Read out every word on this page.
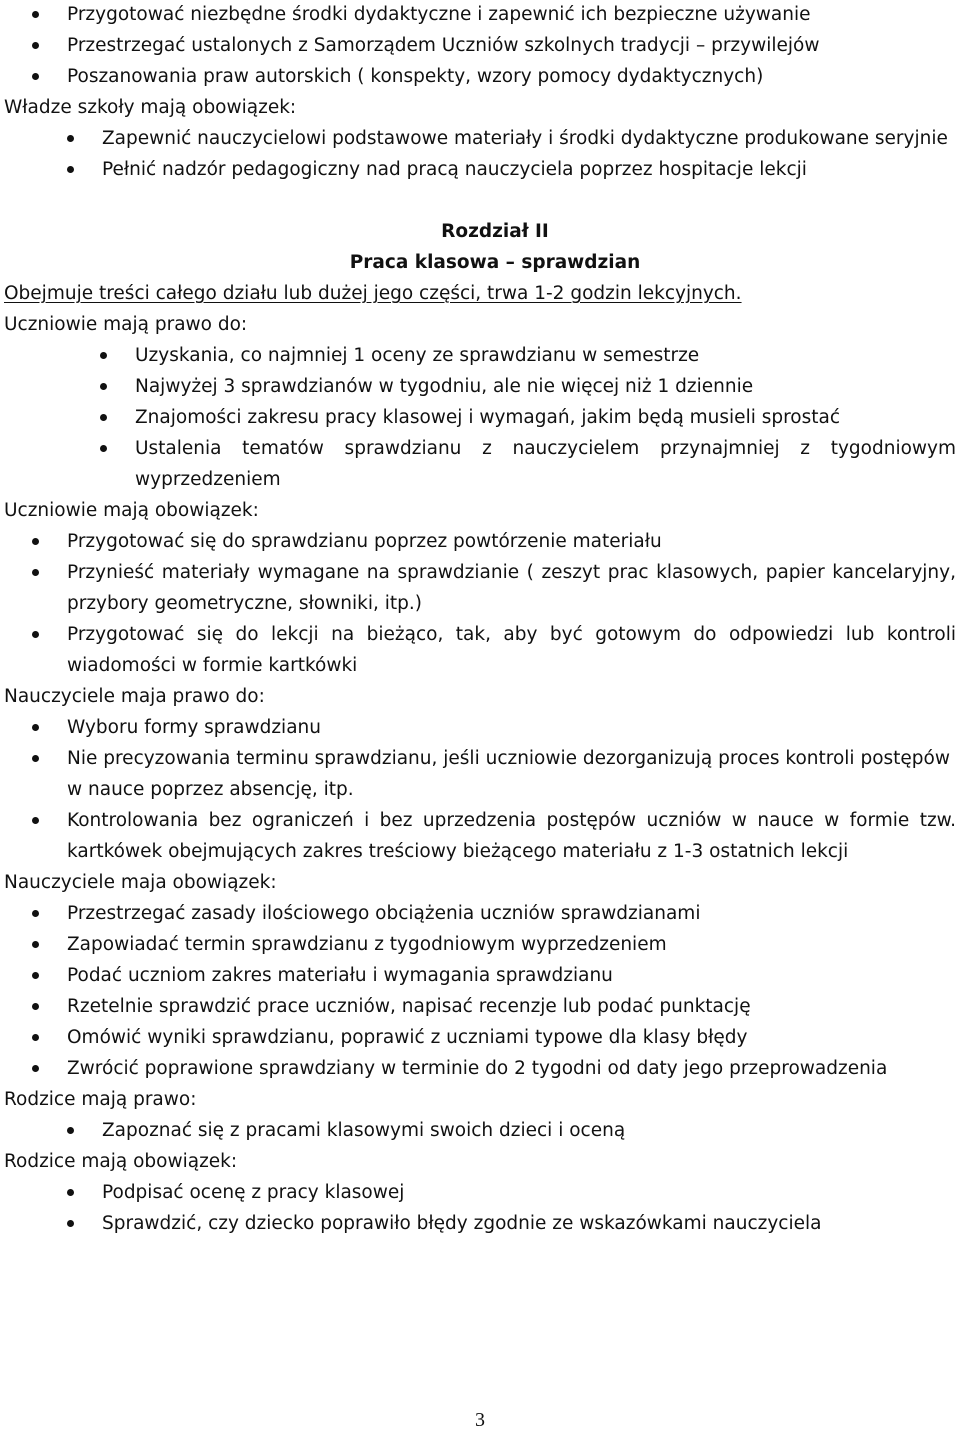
Przygotować niezbędne środki dydaktyczne i zapewnić ich bezpieczne używanie
Przestrzegać ustalonych z Samorządem Uczniów szkolnych tradycji – przywilejów
Poszanowania praw autorskich ( konspekty, wzory pomocy dydaktycznych)

Władze szkoły mają obowiązek:

Zapewnić nauczycielowi podstawowe materiały i środki dydaktyczne produkowane seryjnie
Pełnić nadzór pedagogiczny nad pracą nauczyciela poprzez hospitacje lekcji

Rozdział II

Praca klasowa – sprawdzian

Obejmuje treści całego działu lub dużej jego części, trwa 1-2 godzin lekcyjnych.

Uczniowie mają prawo do:

Uzyskania, co najmniej 1 oceny ze sprawdzianu w semestrze
Najwyżej 3 sprawdzianów w tygodniu, ale nie więcej niż 1 dziennie
Znajomości zakresu pracy klasowej i wymagań, jakim będą musieli sprostać
Ustalenia tematów sprawdzianu z nauczycielem przynajmniej z tygodniowym wyprzedzeniem

Uczniowie mają obowiązek:

Przygotować się do sprawdzianu poprzez powtórzenie materiału
Przynieść materiały wymagane na sprawdzianie ( zeszyt prac klasowych, papier kancelaryjny, przybory geometryczne, słowniki, itp.)
Przygotować się do lekcji na bieżąco, tak, aby być gotowym do odpowiedzi lub kontroli wiadomości w formie kartkówki

Nauczyciele maja prawo do:

Wyboru formy sprawdzianu
Nie precyzowania terminu sprawdzianu, jeśli uczniowie dezorganizują proces kontroli postępów w nauce poprzez absencję, itp.
Kontrolowania bez ograniczeń i bez uprzedzenia postępów uczniów w nauce w formie tzw. kartkówek obejmujących zakres treściowy bieżącego materiału z 1-3 ostatnich lekcji

Nauczyciele maja obowiązek:

Przestrzegać zasady ilościowego obciążenia uczniów sprawdzianami
Zapowiadać termin sprawdzianu z tygodniowym wyprzedzeniem
Podać uczniom zakres materiału i wymagania sprawdzianu
Rzetelnie sprawdzić prace uczniów, napisać recenzje lub podać punktację
Omówić wyniki sprawdzianu, poprawić z uczniami typowe dla klasy błędy
Zwrócić poprawione sprawdziany w terminie do 2 tygodni od daty jego przeprowadzenia

Rodzice mają prawo:

Zapoznać się z pracami klasowymi swoich dzieci i oceną

Rodzice mają obowiązek:

Podpisać ocenę z pracy klasowej
Sprawdzić, czy dziecko poprawiło błędy zgodnie ze wskazówkami nauczyciela
3
